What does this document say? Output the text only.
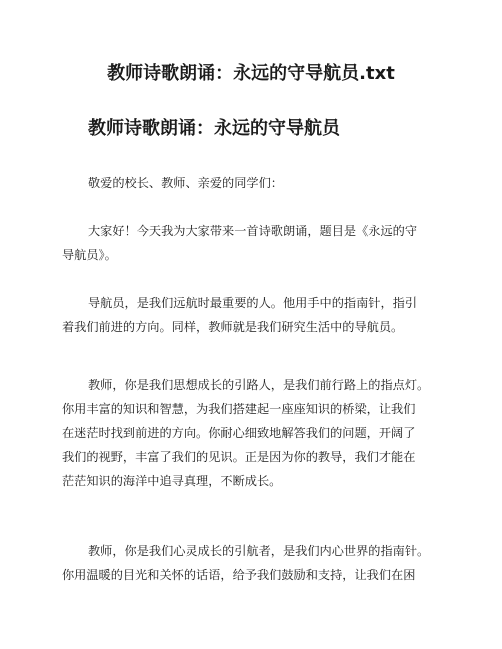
教师诗歌朗诵：永远的守导航员.txt
教师诗歌朗诵：永远的守导航员
敬爱的校长、教师、亲爱的同学们：
大家好！今天我为大家带来一首诗歌朗诵，题目是《永远的守
导航员》。
导航员，是我们远航时最重要的人。他用手中的指南针，指引
着我们前进的方向。同样，教师就是我们研究生活中的导航员。
教师，你是我们思想成长的引路人，是我们前行路上的指点灯。
你用丰富的知识和智慧，为我们搭建起一座座知识的桥梁，让我们
在迷茫时找到前进的方向。你耐心细致地解答我们的问题，开阔了
我们的视野，丰富了我们的见识。正是因为你的教导，我们才能在
茫茫知识的海洋中追寻真理，不断成长。
教师，你是我们心灵成长的引航者，是我们内心世界的指南针。
你用温暖的目光和关怀的话语，给予我们鼓励和支持，让我们在困
